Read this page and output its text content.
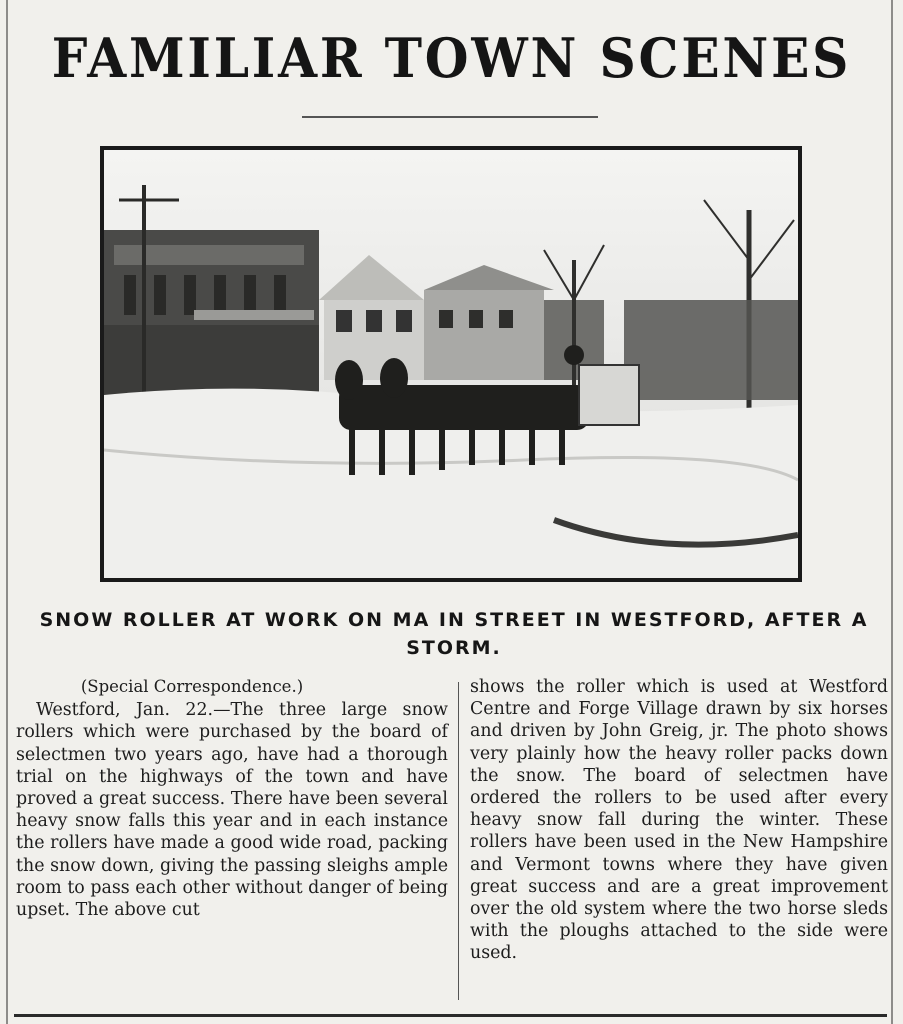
FAMILIAR TOWN SCENES
SNOW ROLLER AT WORK ON MA IN STREET IN WESTFORD, AFTER A STORM.
(Special Correspondence.)
Westford, Jan. 22.—The three large snow rollers which were purchased by the board of selectmen two years ago, have had a thorough trial on the highways of the town and have proved a great success. There have been several heavy snow falls this year and in each instance the rollers have made a good wide road, packing the snow down, giving the passing sleighs ample room to pass each other without danger of being upset. The above cut
shows the roller which is used at Westford Centre and Forge Village drawn by six horses and driven by John Greig, jr. The photo shows very plainly how the heavy roller packs down the snow. The board of selectmen have ordered the rollers to be used after every heavy snow fall during the winter. These rollers have been used in the New Hampshire and Vermont towns where they have given great success and are a great improvement over the old system where the two horse sleds with the ploughs attached to the side were used.
